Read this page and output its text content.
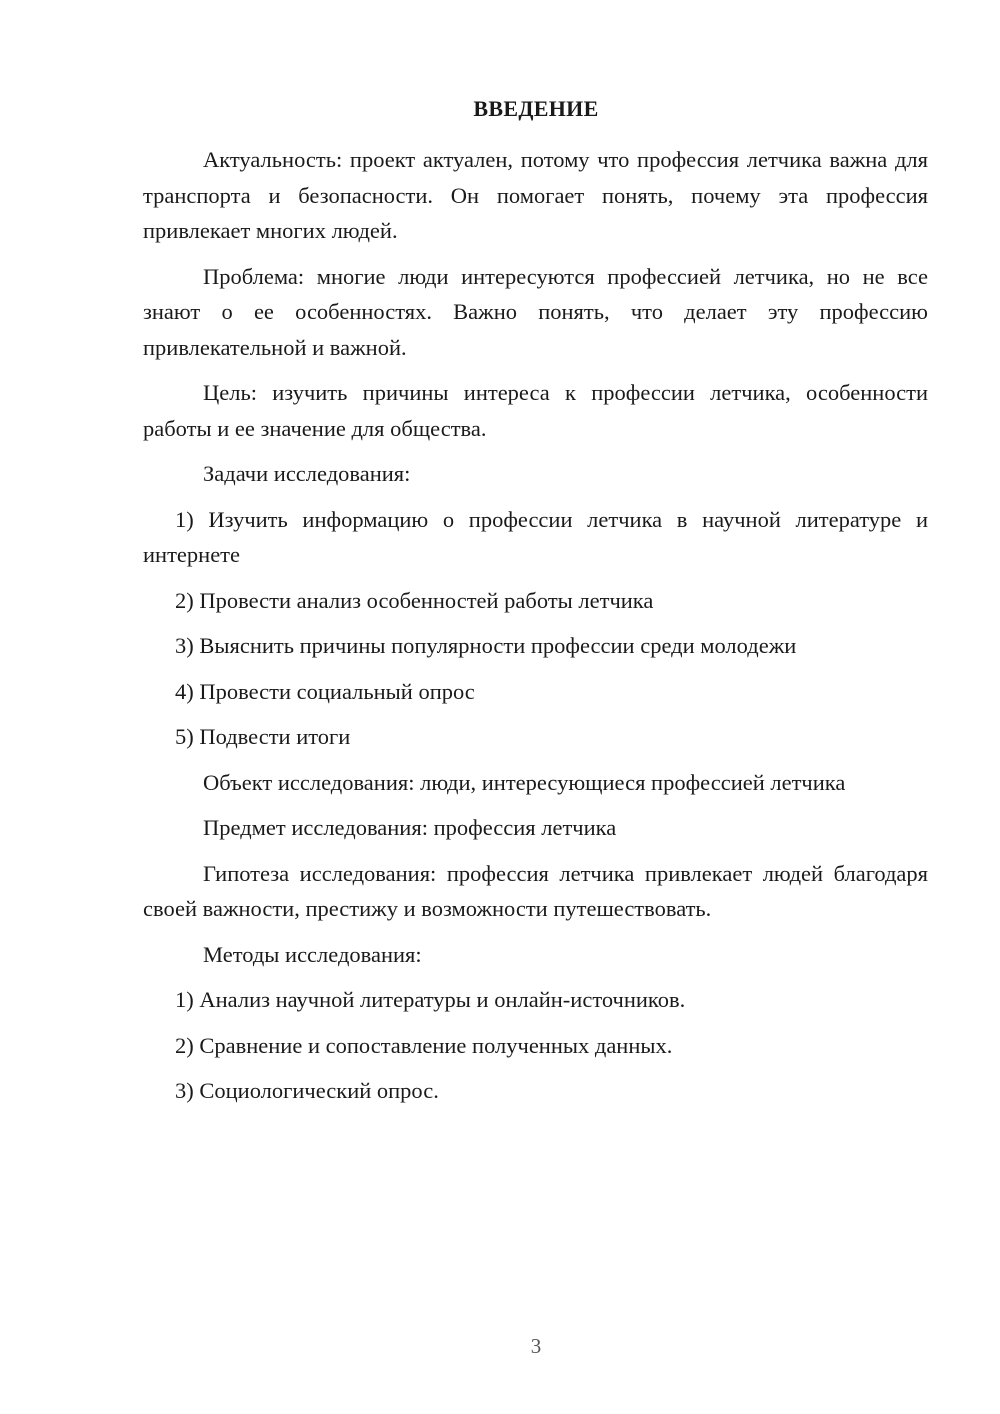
ВВЕДЕНИЕ

Актуальность: проект актуален, потому что профессия летчика важна для транспорта и безопасности. Он помогает понять, почему эта профессия привлекает многих людей.

Проблема: многие люди интересуются профессией летчика, но не все знают о ее особенностях. Важно понять, что делает эту профессию привлекательной и важной.

Цель: изучить причины интереса к профессии летчика, особенности работы и ее значение для общества.

Задачи исследования:

1) Изучить информацию о профессии летчика в научной литературе и интернете

2) Провести анализ особенностей работы летчика

3) Выяснить причины популярности профессии среди молодежи

4) Провести социальный опрос

5) Подвести итоги

Объект исследования: люди, интересующиеся профессией летчика

Предмет исследования: профессия летчика

Гипотеза исследования: профессия летчика привлекает людей благодаря своей важности, престижу и возможности путешествовать.

Методы исследования:

1) Анализ научной литературы и онлайн-источников.

2) Сравнение и сопоставление полученных данных.

3) Социологический опрос.

3
